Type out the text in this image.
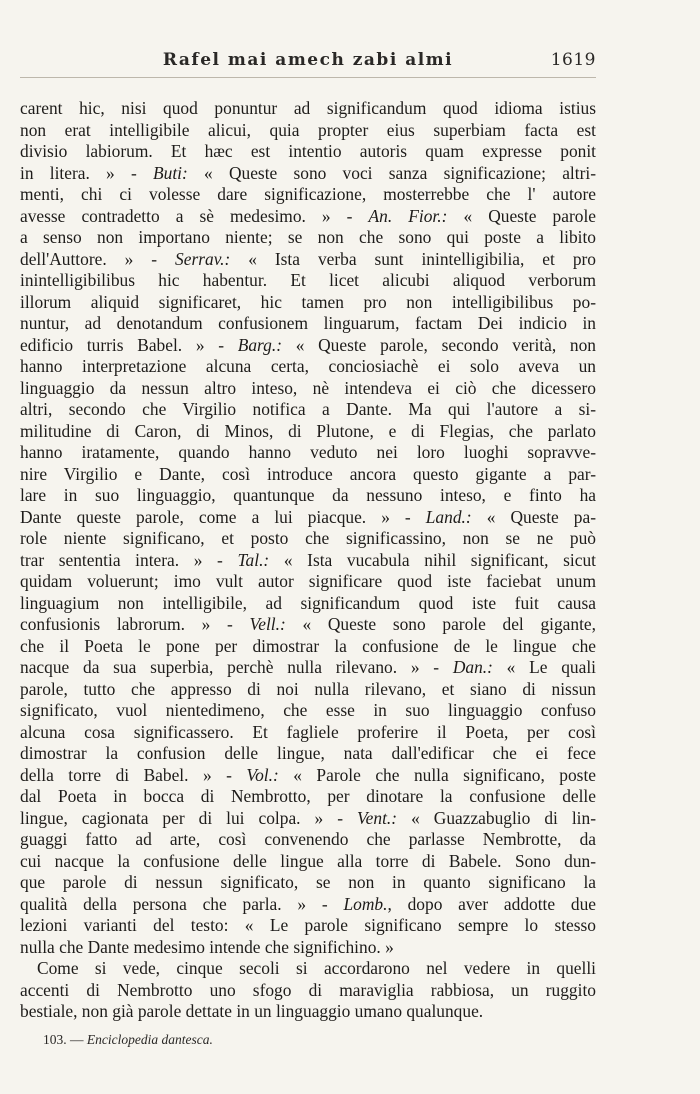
Rafel mai amech zabi almi	1619
carent hic, nisi quod ponuntur ad significandum quod idioma istius
non erat intelligibile alicui, quia propter eius superbiam facta est
divisio labiorum. Et hæc est intentio autoris quam expresse ponit
in litera. » - Buti: « Queste sono voci sanza significazione; altri-
menti, chi ci volesse dare significazione, mosterrebbe che l' autore
avesse contradetto a sè medesimo. » - An. Fior.: « Queste parole
a senso non importano niente; se non che sono qui poste a libito
dell'Auttore. » - Serrav.: « Ista verba sunt inintelligibilia, et pro
inintelligibilibus hic habentur. Et licet alicubi aliquod verborum
illorum aliquid significaret, hic tamen pro non intelligibilibus po-
nuntur, ad denotandum confusionem linguarum, factam Dei indicio in
edificio turris Babel. » - Barg.: « Queste parole, secondo verità, non
hanno interpretazione alcuna certa, conciosiachè ei solo aveva un
linguaggio da nessun altro inteso, nè intendeva ei ciò che dicessero
altri, secondo che Virgilio notifica a Dante. Ma qui l'autore a si-
militudine di Caron, di Minos, di Plutone, e di Flegias, che parlato
hanno iratamente, quando hanno veduto nei loro luoghi sopravve-
nire Virgilio e Dante, così introduce ancora questo gigante a par-
lare in suo linguaggio, quantunque da nessuno inteso, e finto ha
Dante queste parole, come a lui piacque. » - Land.: « Queste pa-
role niente significano, et posto che significassino, non se ne può
trar sententia intera. » - Tal.: « Ista vucabula nihil significant, sicut
quidam voluerunt; imo vult autor significare quod iste faciebat unum
linguagium non intelligibile, ad significandum quod iste fuit causa
confusionis labrorum. » - Vell.: « Queste sono parole del gigante,
che il Poeta le pone per dimostrar la confusione de le lingue che
nacque da sua superbia, perchè nulla rilevano. » - Dan.: « Le quali
parole, tutto che appresso di noi nulla rilevano, et siano di nissun
significato, vuol nientedimeno, che esse in suo linguaggio confuso
alcuna cosa significassero. Et fagliele proferire il Poeta, per così
dimostrar la confusion delle lingue, nata dall'edificar che ei fece
della torre di Babel. » - Vol.: « Parole che nulla significano, poste
dal Poeta in bocca di Nembrotto, per dinotare la confusione delle
lingue, cagionata per di lui colpa. » - Vent.: « Guazzabuglio di lin-
guaggi fatto ad arte, così convenendo che parlasse Nembrotte, da
cui nacque la confusione delle lingue alla torre di Babele. Sono dun-
que parole di nessun significato, se non in quanto significano la
qualità della persona che parla. » - Lomb., dopo aver addotte due
lezioni varianti del testo: « Le parole significano sempre lo stesso
nulla che Dante medesimo intende che significhino. »
Come si vede, cinque secoli si accordarono nel vedere in quelli
accenti di Nembrotto uno sfogo di maraviglia rabbiosa, un ruggito
bestiale, non già parole dettate in un linguaggio umano qualunque.
103. — Enciclopedia dantesca.
